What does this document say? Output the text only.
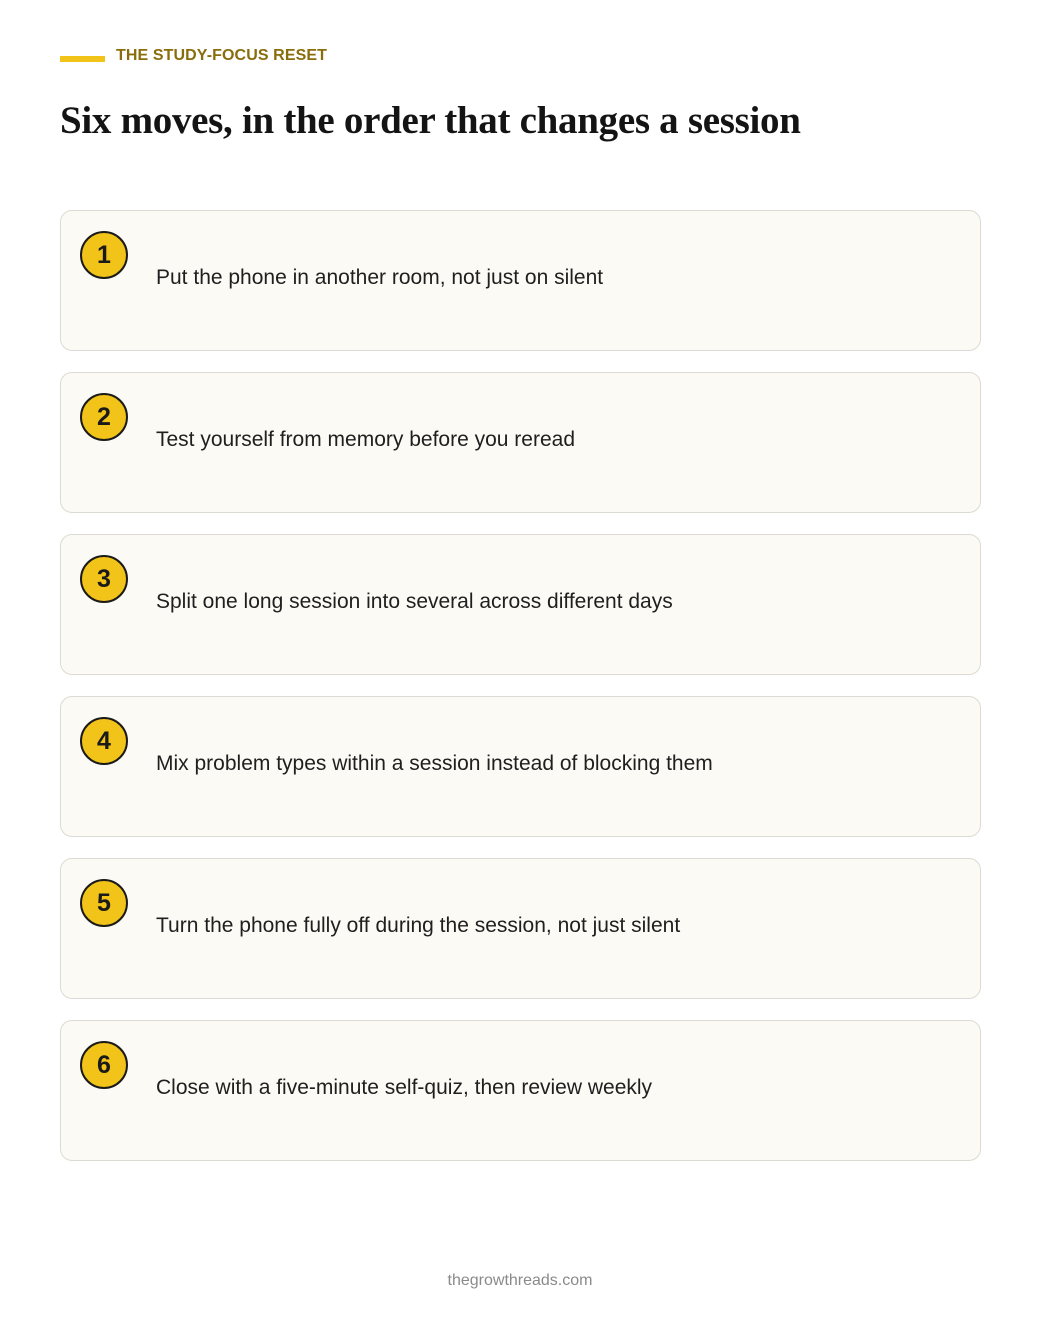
THE STUDY-FOCUS RESET
Six moves, in the order that changes a session
1
Put the phone in another room, not just on silent
2
Test yourself from memory before you reread
3
Split one long session into several across different days
4
Mix problem types within a session instead of blocking them
5
Turn the phone fully off during the session, not just silent
6
Close with a five-minute self-quiz, then review weekly
thegrowthreads.com
